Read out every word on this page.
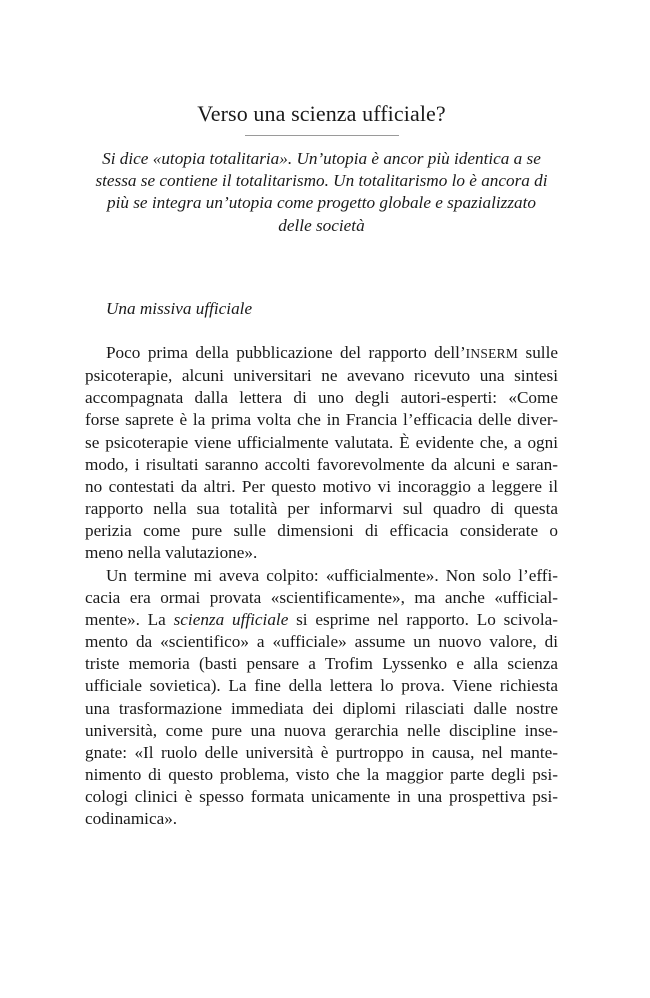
Verso una scienza ufficiale?
Si dice «utopia totalitaria». Un’utopia è ancor più identica a se
stessa se contiene il totalitarismo. Un totalitarismo lo è ancora di
più se integra un’utopia come progetto globale e spazializzato
delle società
Una missiva ufficiale
Poco prima della pubblicazione del rapporto dell’INSERM sulle
psicoterapie, alcuni universitari ne avevano ricevuto una sintesi
accompagnata dalla lettera di uno degli autori-esperti: «Come
forse saprete è la prima volta che in Francia l’efficacia delle diver-
se psicoterapie viene ufficialmente valutata. È evidente che, a ogni
modo, i risultati saranno accolti favorevolmente da alcuni e saran-
no contestati da altri. Per questo motivo vi incoraggio a leggere il
rapporto nella sua totalità per informarvi sul quadro di questa
perizia come pure sulle dimensioni di efficacia considerate o
meno nella valutazione».
Un termine mi aveva colpito: «ufficialmente». Non solo l’effi-
cacia era ormai provata «scientificamente», ma anche «ufficial-
mente». La scienza ufficiale si esprime nel rapporto. Lo scivola-
mento da «scientifico» a «ufficiale» assume un nuovo valore, di
triste memoria (basti pensare a Trofim Lyssenko e alla scienza
ufficiale sovietica). La fine della lettera lo prova. Viene richiesta
una trasformazione immediata dei diplomi rilasciati dalle nostre
università, come pure una nuova gerarchia nelle discipline inse-
gnate: «Il ruolo delle università è purtroppo in causa, nel mante-
nimento di questo problema, visto che la maggior parte degli psi-
cologi clinici è spesso formata unicamente in una prospettiva psi-
codinamica».
